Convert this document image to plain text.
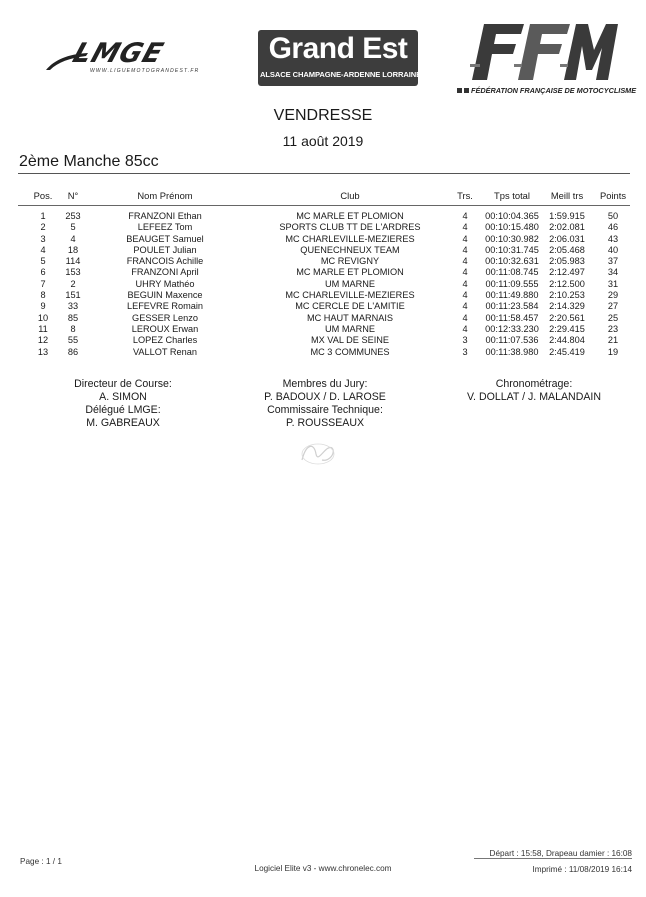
LMGE
WWW.LIGUEMOTOGRANDEST.FR
Grand Est
ALSACE CHAMPAGNE-ARDENNE LORRAINE
FÉDÉRATION FRANÇAISE DE MOTOCYCLISME
VENDRESSE
11 août 2019
2ème Manche 85cc
Pos.	N°	Nom Prénom	Club	Trs.	Tps total	Meill trs	Points
1	253	FRANZONI Ethan	MC MARLE ET PLOMION	4	00:10:04.365	1:59.915	50
2	5	LEFEEZ Tom	SPORTS CLUB TT DE L'ARDRES	4	00:10:15.480	2:02.081	46
3	4	BEAUGET Samuel	MC CHARLEVILLE-MEZIERES	4	00:10:30.982	2:06.031	43
4	18	POULET Julian	QUENECHNEUX TEAM	4	00:10:31.745	2:05.468	40
5	114	FRANCOIS Achille	MC REVIGNY	4	00:10:32.631	2:05.983	37
6	153	FRANZONI April	MC MARLE ET PLOMION	4	00:11:08.745	2:12.497	34
7	2	UHRY Mathéo	UM MARNE	4	00:11:09.555	2:12.500	31
8	151	BEGUIN Maxence	MC CHARLEVILLE-MEZIERES	4	00:11:49.880	2:10.253	29
9	33	LEFEVRE Romain	MC CERCLE DE L'AMITIE	4	00:11:23.584	2:14.329	27
10	85	GESSER Lenzo	MC HAUT MARNAIS	4	00:11:58.457	2:20.561	25
11	8	LEROUX Erwan	UM MARNE	4	00:12:33.230	2:29.415	23
12	55	LOPEZ Charles	MX VAL DE SEINE	3	00:11:07.536	2:44.804	21
13	86	VALLOT Renan	MC 3 COMMUNES	3	00:11:38.980	2:45.419	19
Directeur de Course:
A. SIMON
Délégué LMGE:
M. GABREAUX
Membres du Jury:
P. BADOUX / D. LAROSE
Commissaire Technique:
P. ROUSSEAUX
Chronométrage:
V. DOLLAT / J. MALANDAIN
Départ : 15:58, Drapeau damier : 16:08
Page : 1 / 1
Logiciel Elite v3 - www.chronelec.com	Imprimé : 11/08/2019 16:14
